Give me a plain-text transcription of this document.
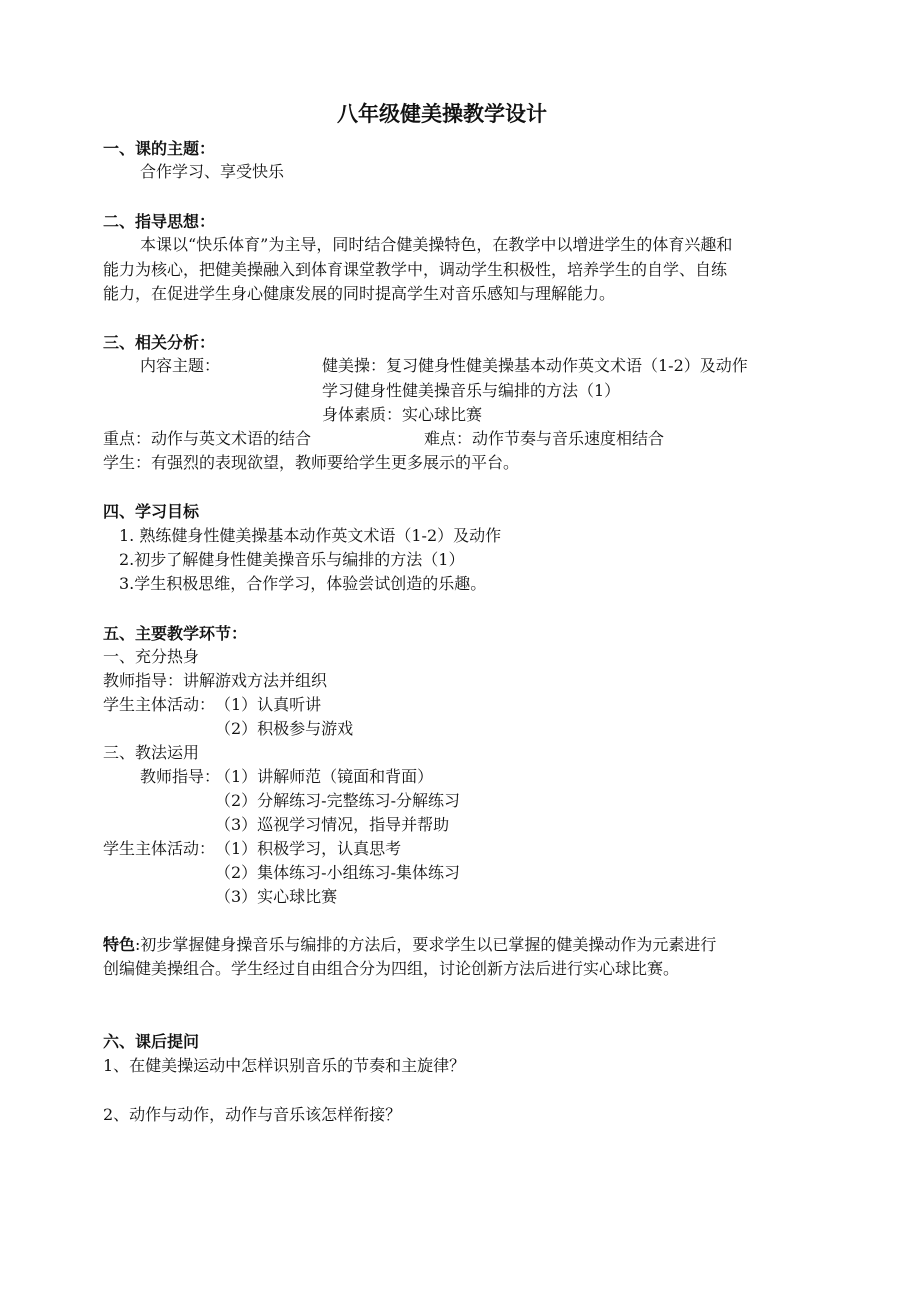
八年级健美操教学设计
一、课的主题：
合作学习、享受快乐
二、指导思想：
本课以“快乐体育”为主导，同时结合健美操特色，在教学中以增进学生的体育兴趣和
能力为核心，把健美操融入到体育课堂教学中，调动学生积极性，培养学生的自学、自练
能力，在促进学生身心健康发展的同时提高学生对音乐感知与理解能力。
三、相关分析：
内容主题：	健美操：复习健身性健美操基本动作英文术语（1-2）及动作
学习健身性健美操音乐与编排的方法（1）
身体素质：实心球比赛
重点：动作与英文术语的结合	难点：动作节奏与音乐速度相结合
学生：有强烈的表现欲望，教师要给学生更多展示的平台。
四、学习目标
1. 熟练健身性健美操基本动作英文术语（1-2）及动作
2.初步了解健身性健美操音乐与编排的方法（1）
3.学生积极思维，合作学习，体验尝试创造的乐趣。
五、主要教学环节：
一、充分热身
教师指导：讲解游戏方法并组织
学生主体活动： （1）认真听讲
（2）积极参与游戏
三、教法运用
教师指导：
（1）讲解师范（镜面和背面）
（2）分解练习-完整练习-分解练习
（3）巡视学习情况，指导并帮助
学生主体活动： （1）积极学习，认真思考
（2）集体练习-小组练习-集体练习
（3）实心球比赛
特色:初步掌握健身操音乐与编排的方法后，要求学生以已掌握的健美操动作为元素进行
创编健美操组合。学生经过自由组合分为四组，讨论创新方法后进行实心球比赛。
六、课后提问
1、在健美操运动中怎样识别音乐的节奏和主旋律？
2、动作与动作，动作与音乐该怎样衔接？
